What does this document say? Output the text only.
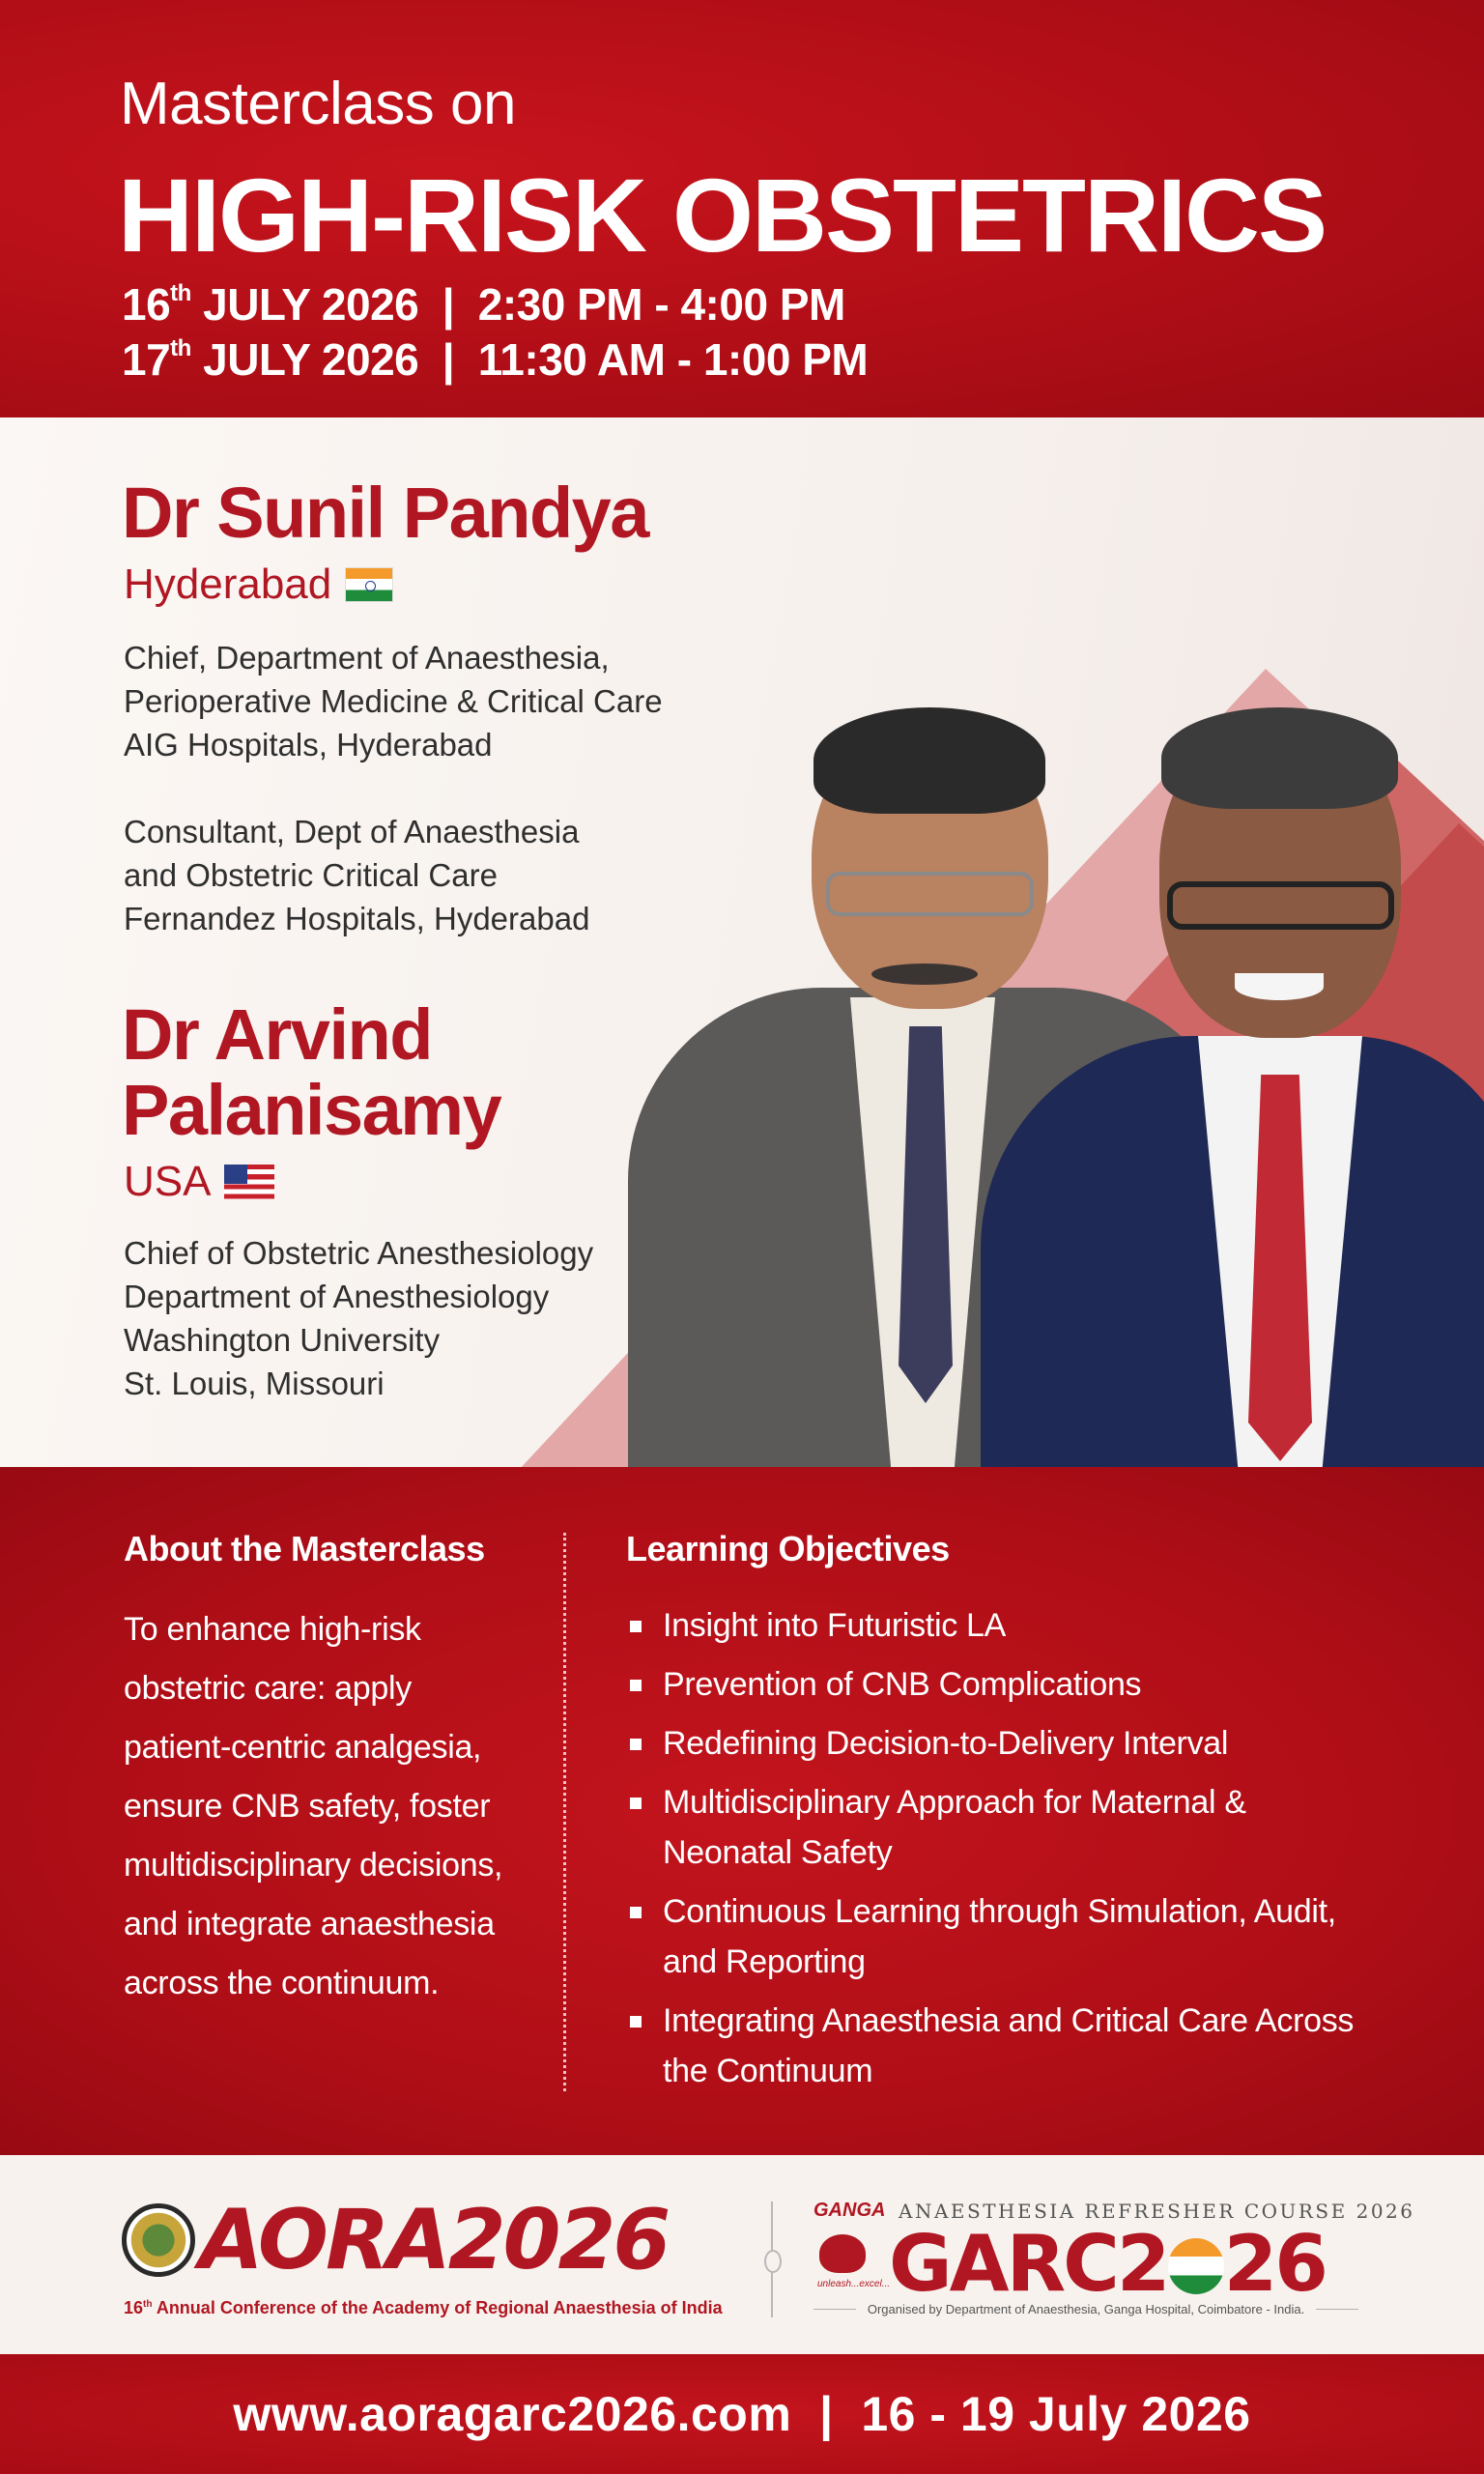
Masterclass on
HIGH-RISK OBSTETRICS
16th JULY 2026  |  2:30 PM - 4:00 PM
17th JULY 2026  |  11:30 AM - 1:00 PM
Dr Sunil Pandya
Hyderabad
Chief, Department of Anaesthesia,
Perioperative Medicine & Critical Care
AIG Hospitals, Hyderabad
Consultant, Dept of Anaesthesia
and Obstetric Critical Care
Fernandez Hospitals, Hyderabad
Dr Arvind
Palanisamy
USA
Chief of Obstetric Anesthesiology
Department of Anesthesiology
Washington University
St. Louis, Missouri
About the Masterclass
To enhance high-risk
obstetric care: apply
patient-centric analgesia,
ensure CNB safety, foster
multidisciplinary decisions,
and integrate anaesthesia
across the continuum.
Learning Objectives
Insight into Futuristic LA
Prevention of CNB Complications
Redefining Decision-to-Delivery Interval
Multidisciplinary Approach for Maternal &
Neonatal Safety
Continuous Learning through Simulation, Audit,
and Reporting
Integrating Anaesthesia and Critical Care Across
the Continuum
AORA2026
16th Annual Conference of the Academy of Regional Anaesthesia of India
GANGA ANAESTHESIA REFRESHER COURSE 2026
unleash...excel...
GARC2 26
Organised by Department of Anaesthesia, Ganga Hospital, Coimbatore - India.
www.aoragarc2026.com  |  16 - 19 July 2026
